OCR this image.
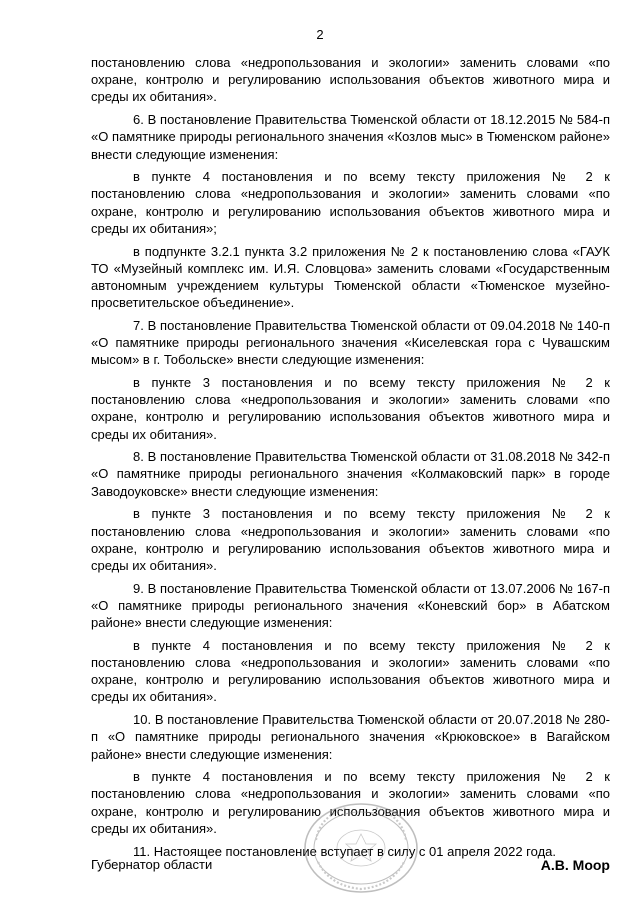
2

постановлению слова «недропользования и экологии» заменить словами «по охране, контролю и регулированию использования объектов животного мира и среды их обитания».

6. В постановление Правительства Тюменской области от 18.12.2015 № 584-п «О памятнике природы регионального значения «Козлов мыс» в Тюменском районе» внести следующие изменения:

в пункте 4 постановления и по всему тексту приложения № 2 к постановлению слова «недропользования и экологии» заменить словами «по охране, контролю и регулированию использования объектов животного мира и среды их обитания»;

в подпункте 3.2.1 пункта 3.2 приложения № 2 к постановлению слова «ГАУК ТО «Музейный комплекс им. И.Я. Словцова» заменить словами «Государственным автономным учреждением культуры Тюменской области «Тюменское музейно-просветительское объединение».

7. В постановление Правительства Тюменской области от 09.04.2018 № 140-п «О памятнике природы регионального значения «Киселевская гора с Чувашским мысом» в г. Тобольске» внести следующие изменения:

в пункте 3 постановления и по всему тексту приложения № 2 к постановлению слова «недропользования и экологии» заменить словами «по охране, контролю и регулированию использования объектов животного мира и среды их обитания».

8. В постановление Правительства Тюменской области от 31.08.2018 № 342-п «О памятнике природы регионального значения «Колмаковский парк» в городе Заводоуковске» внести следующие изменения:

в пункте 3 постановления и по всему тексту приложения № 2 к постановлению слова «недропользования и экологии» заменить словами «по охране, контролю и регулированию использования объектов животного мира и среды их обитания».

9. В постановление Правительства Тюменской области от 13.07.2006 № 167-п «О памятнике природы регионального значения «Коневский бор» в Абатском районе» внести следующие изменения:

в пункте 4 постановления и по всему тексту приложения № 2 к постановлению слова «недропользования и экологии» заменить словами «по охране, контролю и регулированию использования объектов животного мира и среды их обитания».

10. В постановление Правительства Тюменской области от 20.07.2018 № 280-п «О памятнике природы регионального значения «Крюковское» в Вагайском районе» внести следующие изменения:

в пункте 4 постановления и по всему тексту приложения № 2 к постановлению слова «недропользования и экологии» заменить словами «по охране, контролю и регулированию использования объектов животного мира и среды их обитания».

11. Настоящее постановление вступает в силу с 01 апреля 2022 года.

Губернатор области	А.В. Моор
